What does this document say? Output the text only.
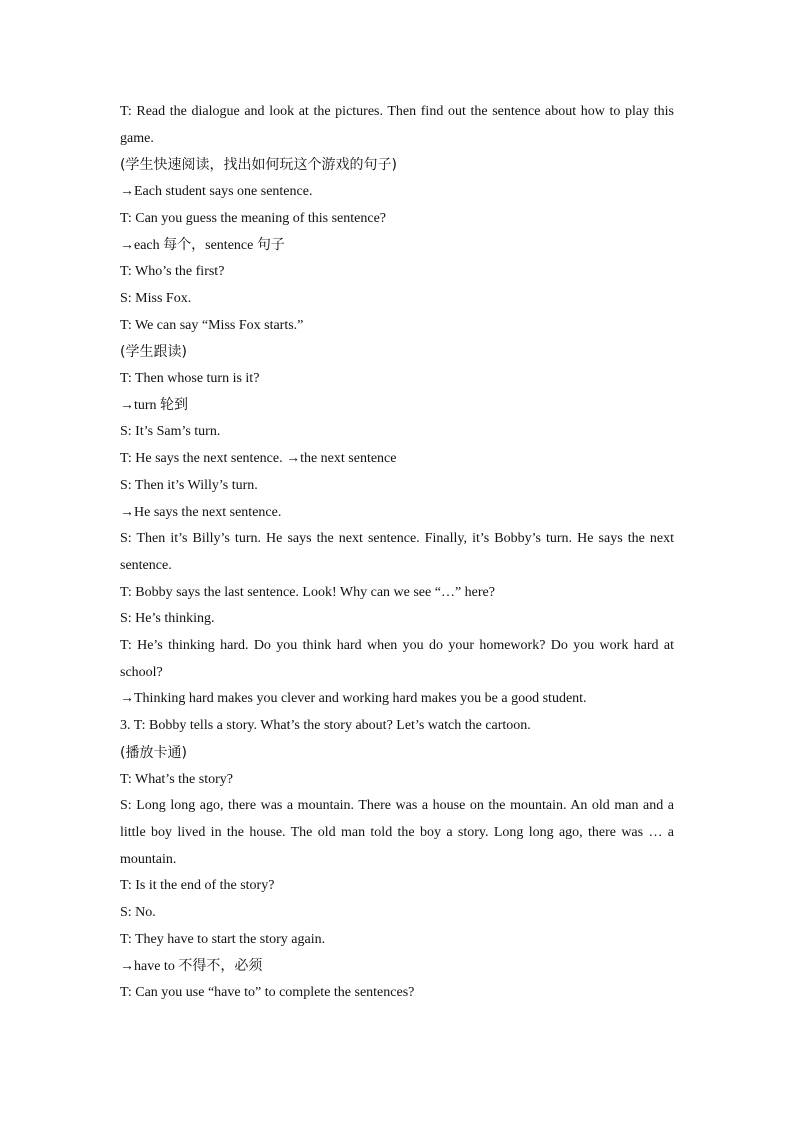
T: Read the dialogue and look at the pictures. Then find out the sentence about how to play this game.
(学生快速阅读，找出如何玩这个游戏的句子)
→Each student says one sentence.
T: Can you guess the meaning of this sentence?
→each 每个，sentence 句子
T: Who’s the first?
S: Miss Fox.
T: We can say “Miss Fox starts.”
(学生跟读)
T: Then whose turn is it?
→turn 轮到
S: It’s Sam’s turn.
T: He says the next sentence. →the next sentence
S: Then it’s Willy’s turn.
→He says the next sentence.
S: Then it’s Billy’s turn. He says the next sentence. Finally, it’s Bobby’s turn. He says the next sentence.
T: Bobby says the last sentence. Look! Why can we see “…” here?
S: He’s thinking.
T: He’s thinking hard. Do you think hard when you do your homework? Do you work hard at school?
→Thinking hard makes you clever and working hard makes you be a good student.
3. T: Bobby tells a story. What’s the story about? Let’s watch the cartoon.
(播放卡通)
T: What’s the story?
S: Long long ago, there was a mountain. There was a house on the mountain. An old man and a little boy lived in the house. The old man told the boy a story. Long long ago, there was … a mountain.
T: Is it the end of the story?
S: No.
T: They have to start the story again.
→have to 不得不，必须
T: Can you use “have to” to complete the sentences?
